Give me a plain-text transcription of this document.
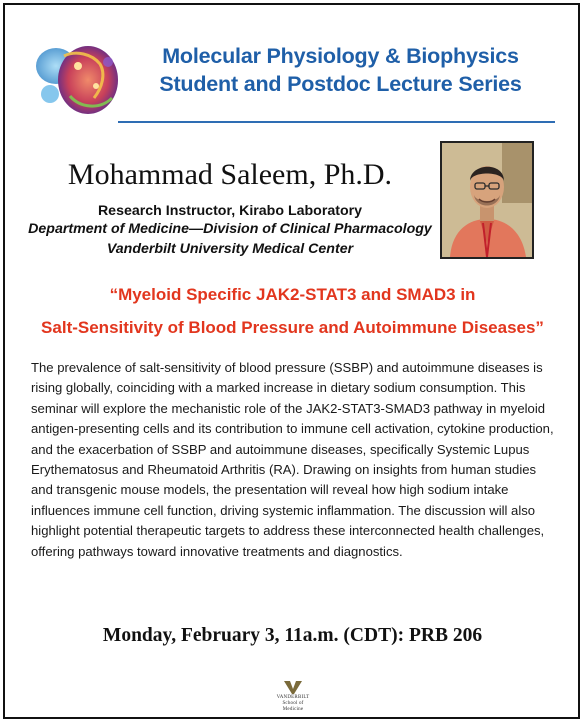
Molecular Physiology & Biophysics
Student and Postdoc Lecture Series
Mohammad Saleem, Ph.D.
Research Instructor, Kirabo Laboratory
Department of Medicine—Division of Clinical Pharmacology
Vanderbilt University Medical Center
“Myeloid Specific JAK2-STAT3 and SMAD3 in
Salt-Sensitivity of Blood Pressure and Autoimmune Diseases”
The prevalence of salt-sensitivity of blood pressure (SSBP) and autoimmune diseases is rising globally, coinciding with a marked increase in dietary sodium consumption. This seminar will explore the mechanistic role of the JAK2-STAT3-SMAD3 pathway in myeloid antigen-presenting cells and its contribution to immune cell activation, cytokine production, and the exacerbation of SSBP and autoimmune diseases, specifically Systemic Lupus Erythematosus and Rheumatoid Arthritis (RA). Drawing on insights from human studies and transgenic mouse models, the presentation will reveal how high sodium intake influences immune cell function, driving systemic inflammation. The discussion will also highlight potential therapeutic targets to address these interconnected health challenges, offering pathways toward innovative treatments and diagnostics.
Monday, February 3, 11a.m. (CDT): PRB 206
VANDERBILT
School of Medicine
